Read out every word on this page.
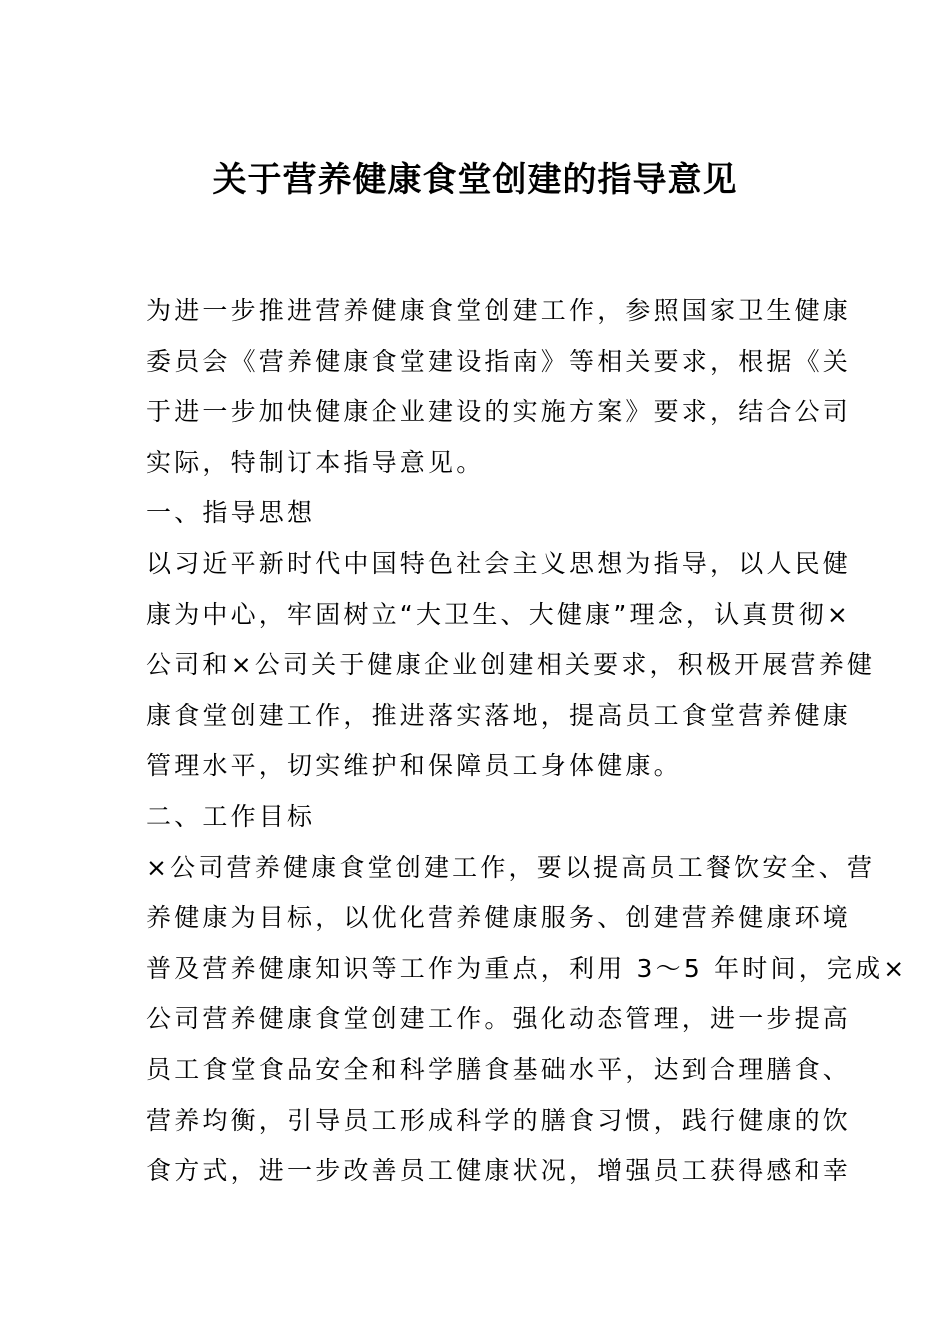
关于营养健康食堂创建的指导意见
为进一步推进营养健康食堂创建工作，参照国家卫生健康
委员会《营养健康食堂建设指南》等相关要求，根据《关
于进一步加快健康企业建设的实施方案》要求，结合公司
实际，特制订本指导意见。
一、指导思想
以习近平新时代中国特色社会主义思想为指导，以人民健
康为中心，牢固树立“大卫生、大健康”理念，认真贯彻×
公司和×公司关于健康企业创建相关要求，积极开展营养健
康食堂创建工作，推进落实落地，提高员工食堂营养健康
管理水平，切实维护和保障员工身体健康。
二、工作目标
×公司营养健康食堂创建工作，要以提高员工餐饮安全、营
养健康为目标，以优化营养健康服务、创建营养健康环境
普及营养健康知识等工作为重点，利用 3～5 年时间，完成×
公司营养健康食堂创建工作。强化动态管理，进一步提高
员工食堂食品安全和科学膳食基础水平，达到合理膳食、
营养均衡，引导员工形成科学的膳食习惯，践行健康的饮
食方式，进一步改善员工健康状况，增强员工获得感和幸
